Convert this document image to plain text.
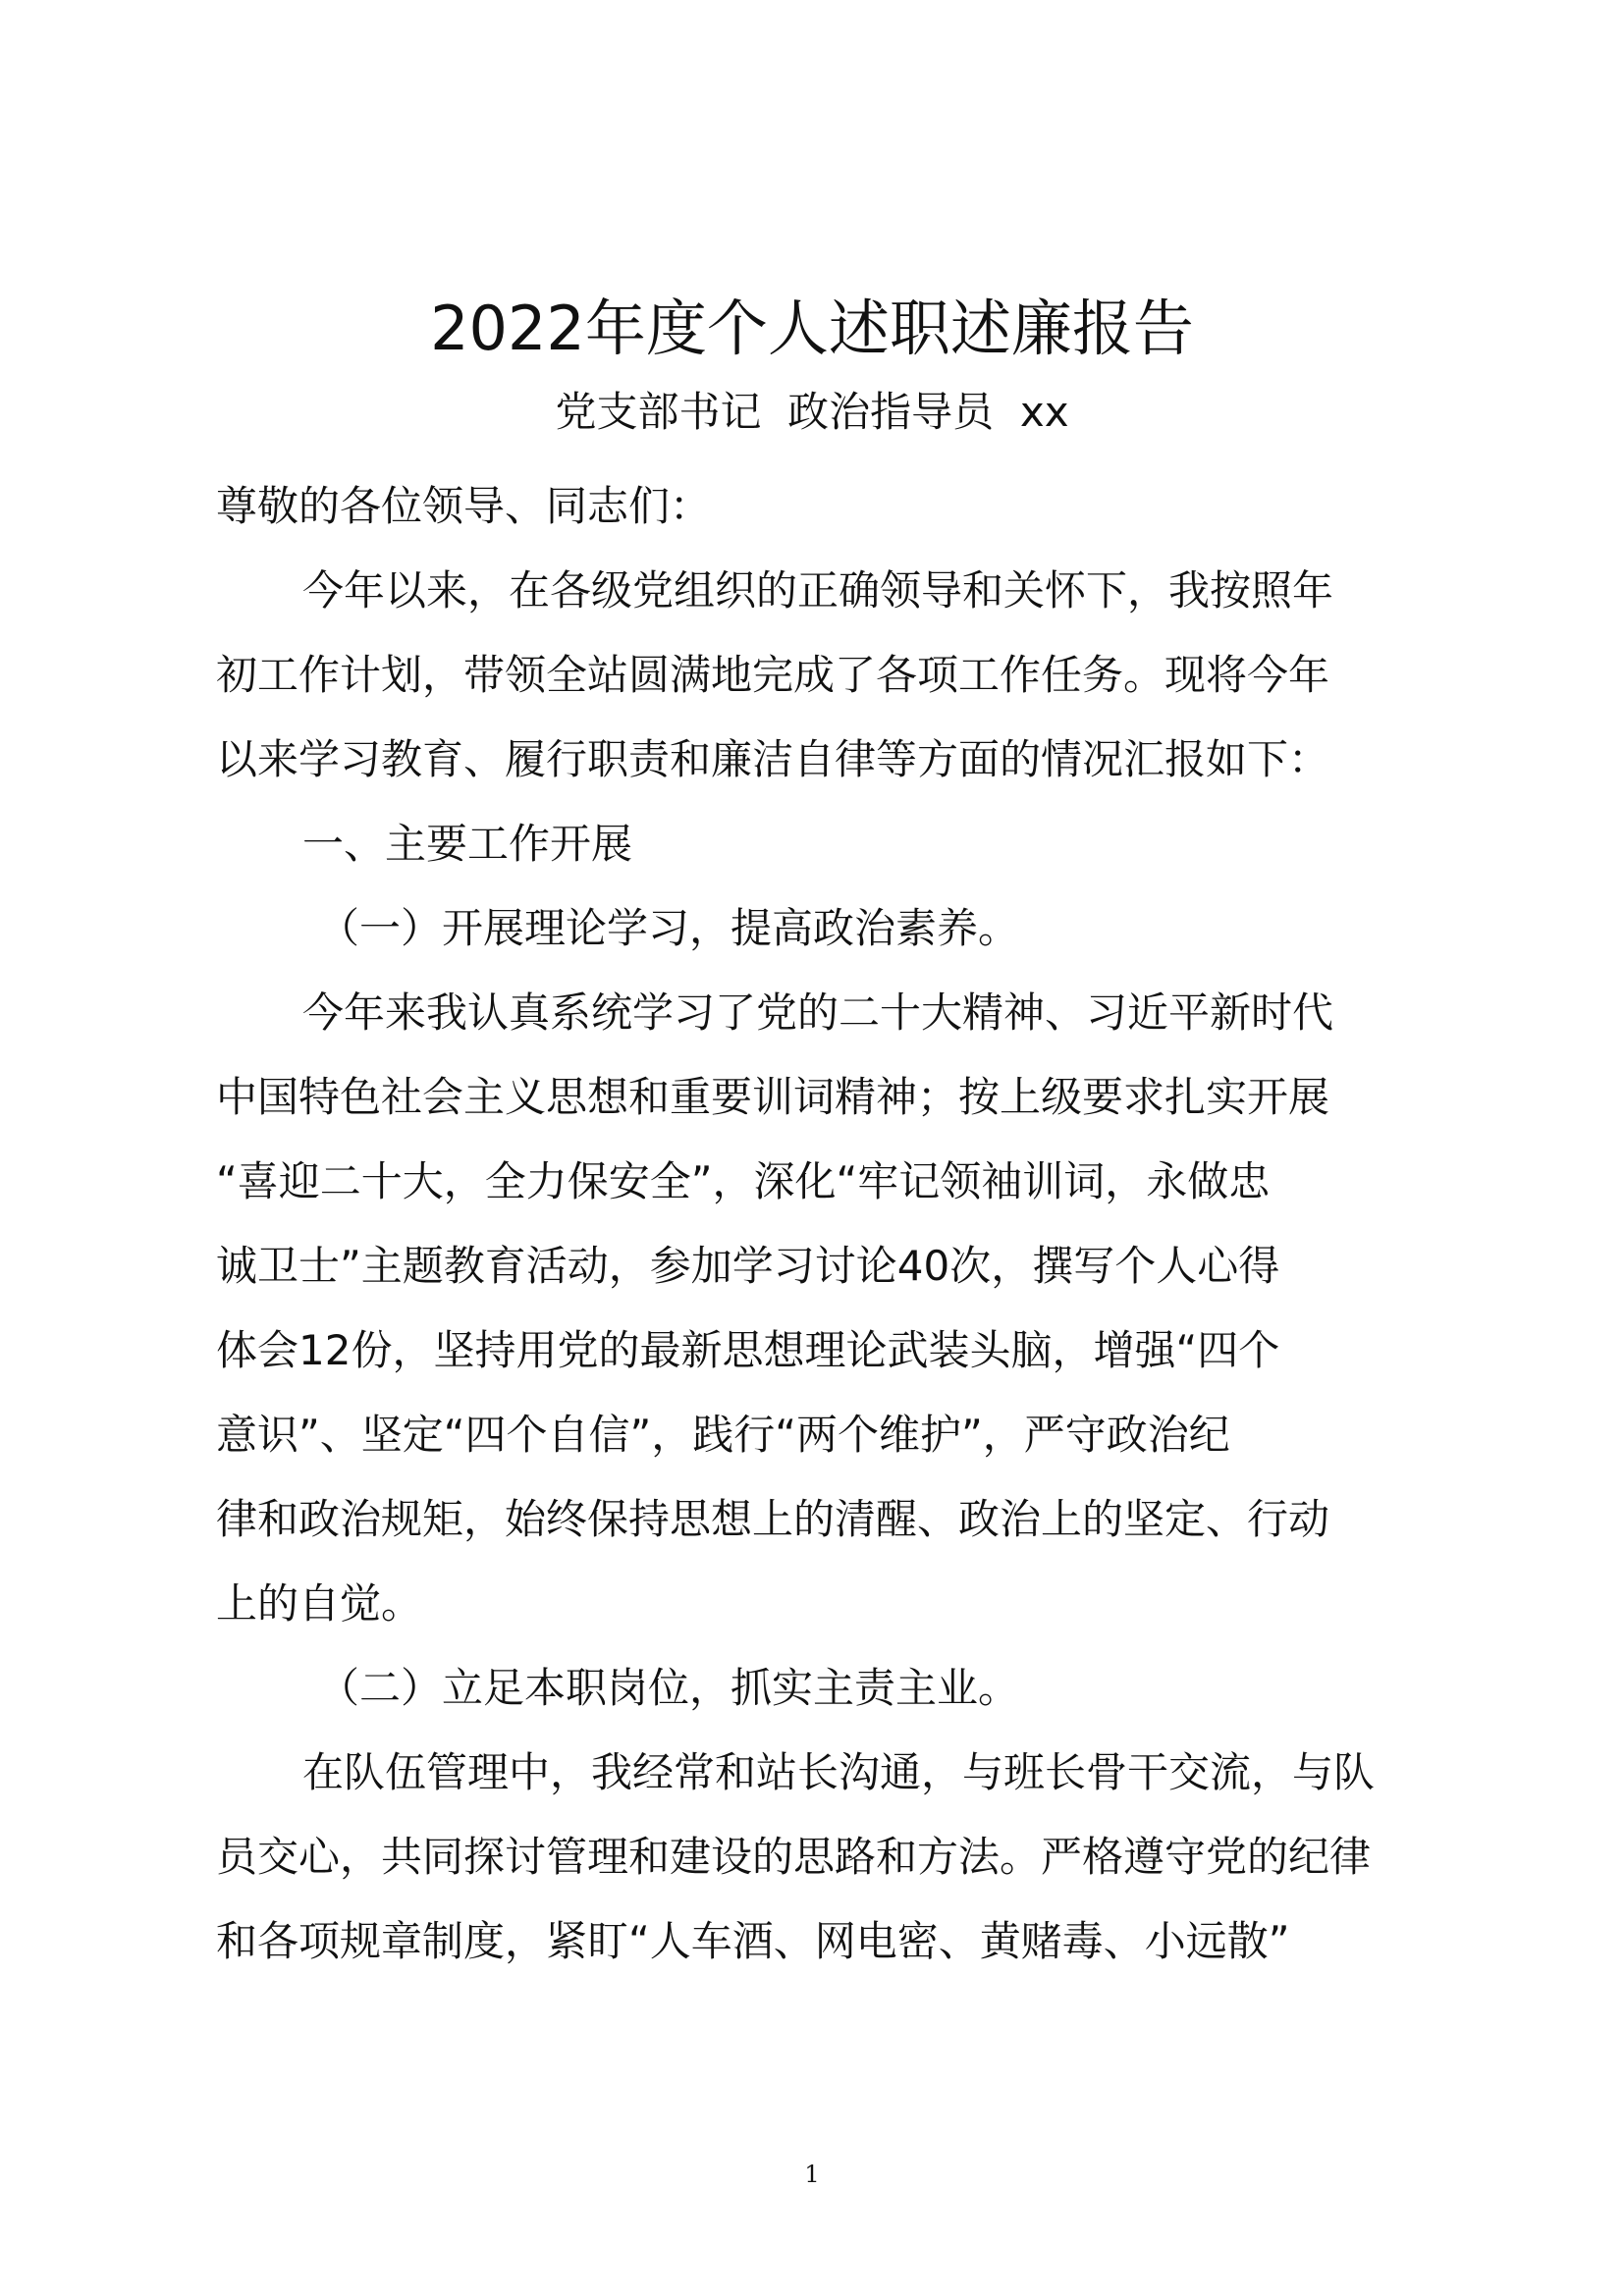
2022年度个人述职述廉报告
党支部书记  政治指导员  xx
尊敬的各位领导、同志们：
今年以来，在各级党组织的正确领导和关怀下，我按照年
初工作计划，带领全站圆满地完成了各项工作任务。现将今年
以来学习教育、履行职责和廉洁自律等方面的情况汇报如下：
一、主要工作开展
（一）开展理论学习，提高政治素养。
今年来我认真系统学习了党的二十大精神、习近平新时代
中国特色社会主义思想和重要训词精神；按上级要求扎实开展
“喜迎二十大，全力保安全”，深化“牢记领袖训词，永做忠
诚卫士”主题教育活动，参加学习讨论40次，撰写个人心得
体会12份，坚持用党的最新思想理论武装头脑，增强“四个
意识”、坚定“四个自信”，践行“两个维护”，严守政治纪
律和政治规矩，始终保持思想上的清醒、政治上的坚定、行动
上的自觉。
（二）立足本职岗位，抓实主责主业。
在队伍管理中，我经常和站长沟通，与班长骨干交流，与队
员交心，共同探讨管理和建设的思路和方法。严格遵守党的纪律
和各项规章制度，紧盯“人车酒、网电密、黄赌毒、小远散”
1
